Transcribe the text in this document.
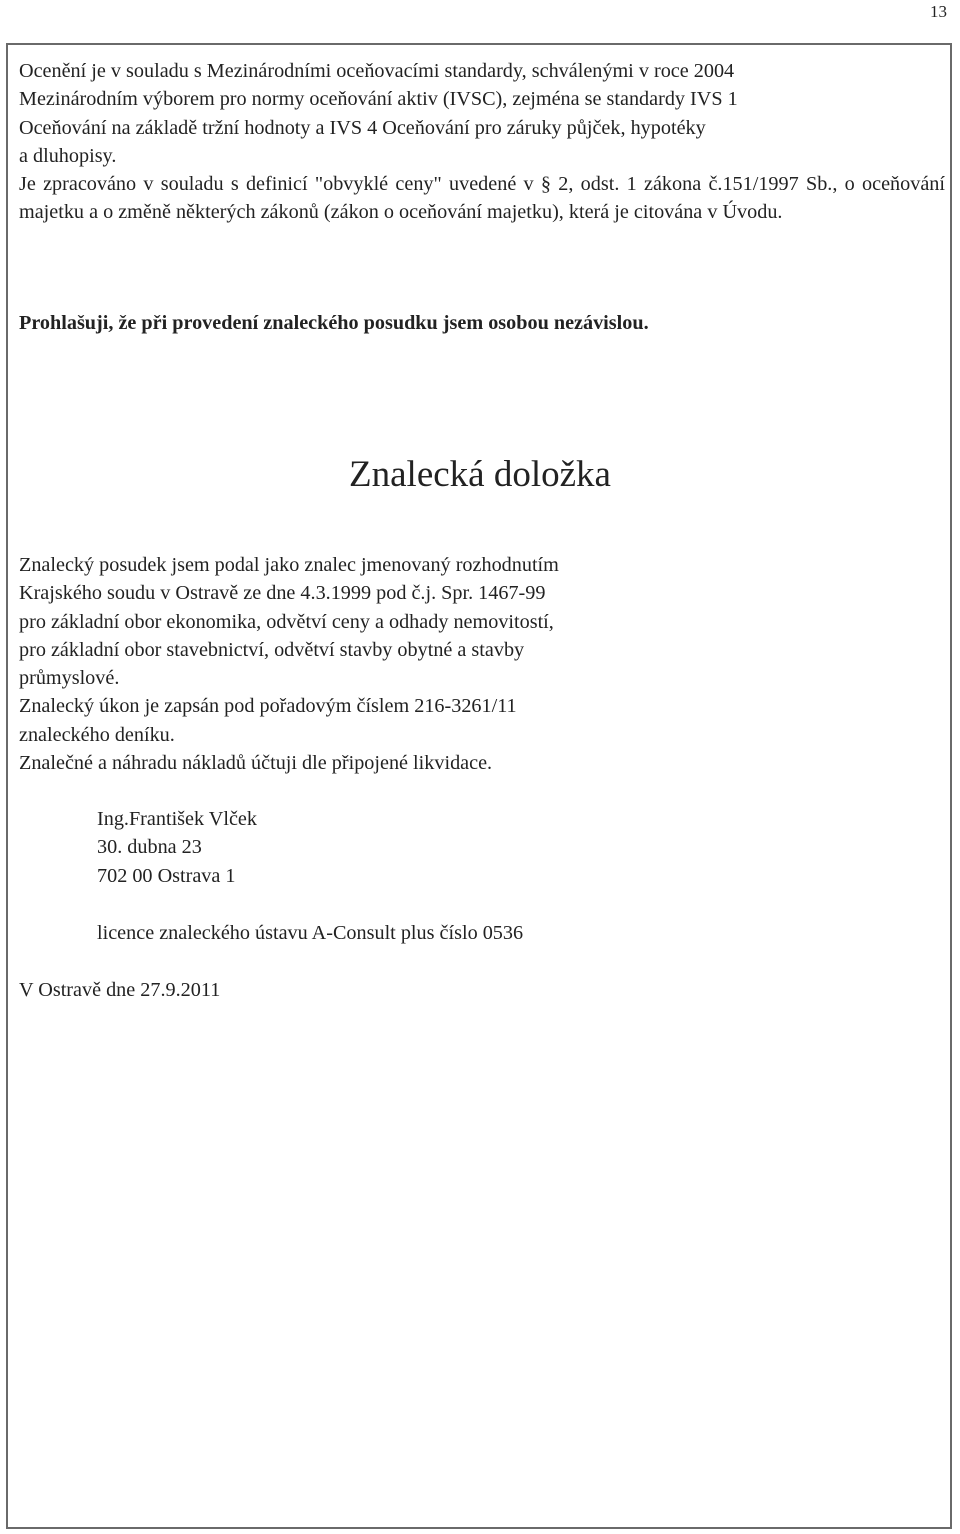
13

Ocenění je v souladu s Mezinárodními oceňovacími standardy, schválenými v roce 2004

Mezinárodním výborem pro normy oceňování aktiv (IVSC), zejména se standardy IVS 1

Oceňování na základě tržní hodnoty a IVS 4 Oceňování pro záruky půjček, hypotéky

a dluhopisy.

Je zpracováno v souladu s definicí "obvyklé ceny" uvedené v § 2, odst. 1 zákona č.151/1997 Sb., o oceňování majetku a o změně některých zákonů (zákon o oceňování majetku), která je citována v Úvodu.

Prohlašuji, že při provedení znaleckého posudku jsem osobou nezávislou.

Znalecká doložka

Znalecký posudek jsem podal jako znalec jmenovaný rozhodnutím

Krajského soudu v Ostravě ze dne 4.3.1999 pod č.j. Spr. 1467-99

pro základní obor ekonomika, odvětví ceny a odhady nemovitostí,

pro základní obor stavebnictví, odvětví stavby obytné a stavby

průmyslové.

Znalecký úkon je zapsán pod pořadovým číslem 216-3261/11

znaleckého deníku.

Znalečné a náhradu nákladů účtuji dle připojené likvidace.

Ing.František Vlček

30. dubna 23

702 00 Ostrava 1

licence znaleckého ústavu A-Consult plus číslo 0536

V Ostravě dne 27.9.2011
